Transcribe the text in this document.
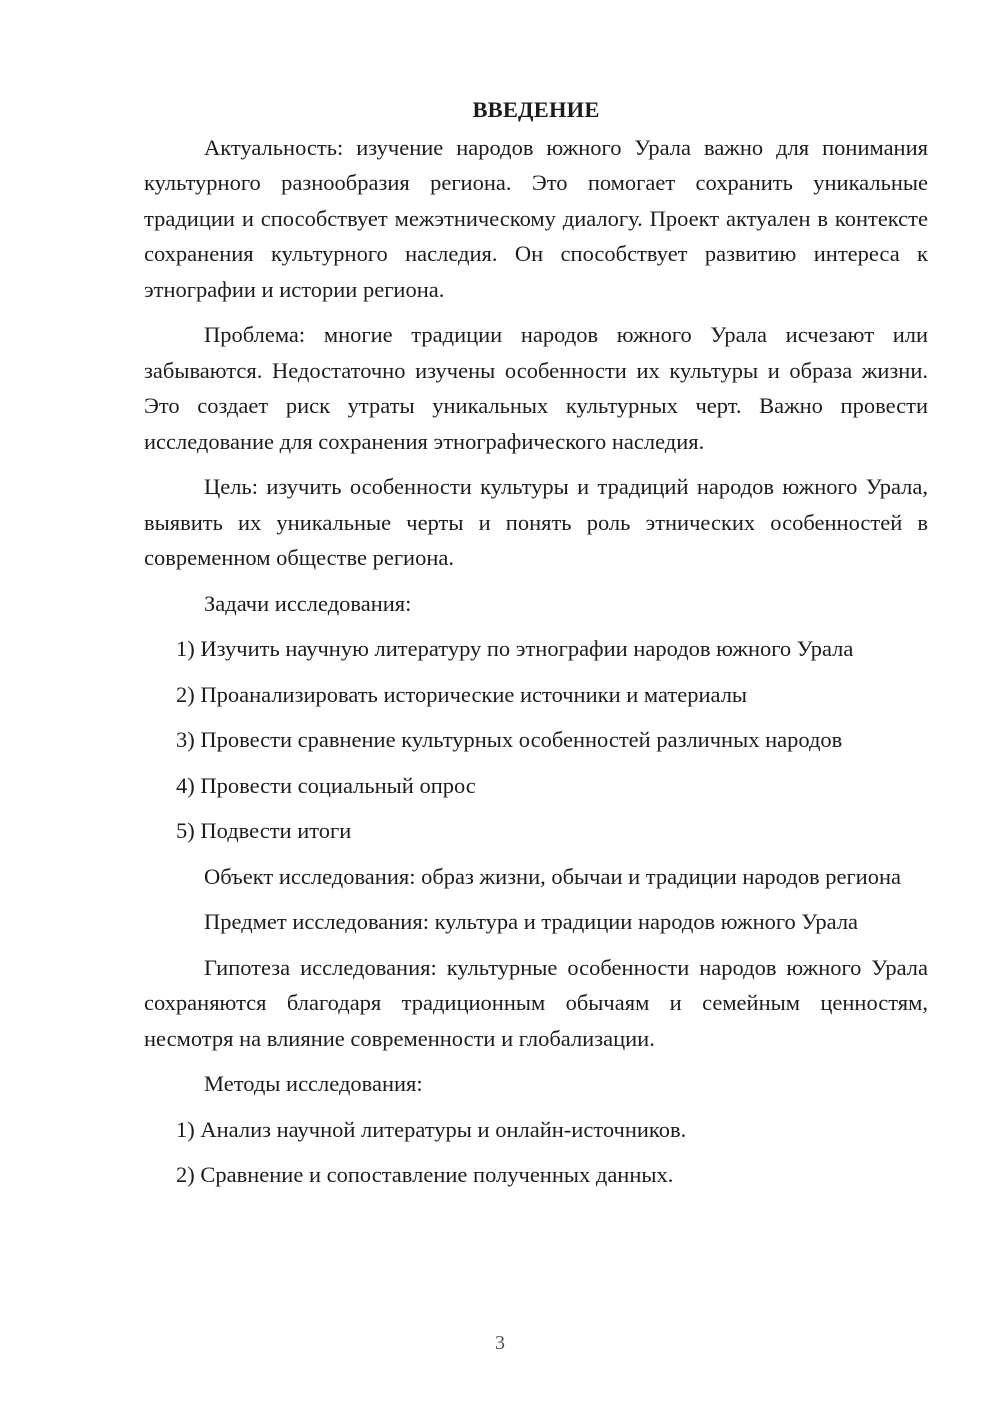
ВВЕДЕНИЕ

Актуальность: изучение народов южного Урала важно для понимания культурного разнообразия региона. Это помогает сохранить уникальные традиции и способствует межэтническому диалогу. Проект актуален в контексте сохранения культурного наследия. Он способствует развитию интереса к этнографии и истории региона.

Проблема: многие традиции народов южного Урала исчезают или забываются. Недостаточно изучены особенности их культуры и образа жизни. Это создает риск утраты уникальных культурных черт. Важно провести исследование для сохранения этнографического наследия.

Цель: изучить особенности культуры и традиций народов южного Урала, выявить их уникальные черты и понять роль этнических особенностей в современном обществе региона.

Задачи исследования:

1) Изучить научную литературу по этнографии народов южного Урала

2) Проанализировать исторические источники и материалы

3) Провести сравнение культурных особенностей различных народов

4) Провести социальный опрос

5) Подвести итоги

Объект исследования: образ жизни, обычаи и традиции народов региона

Предмет исследования: культура и традиции народов южного Урала

Гипотеза исследования: культурные особенности народов южного Урала сохраняются благодаря традиционным обычаям и семейным ценностям, несмотря на влияние современности и глобализации.

Методы исследования:

1) Анализ научной литературы и онлайн-источников.

2) Сравнение и сопоставление полученных данных.

3
